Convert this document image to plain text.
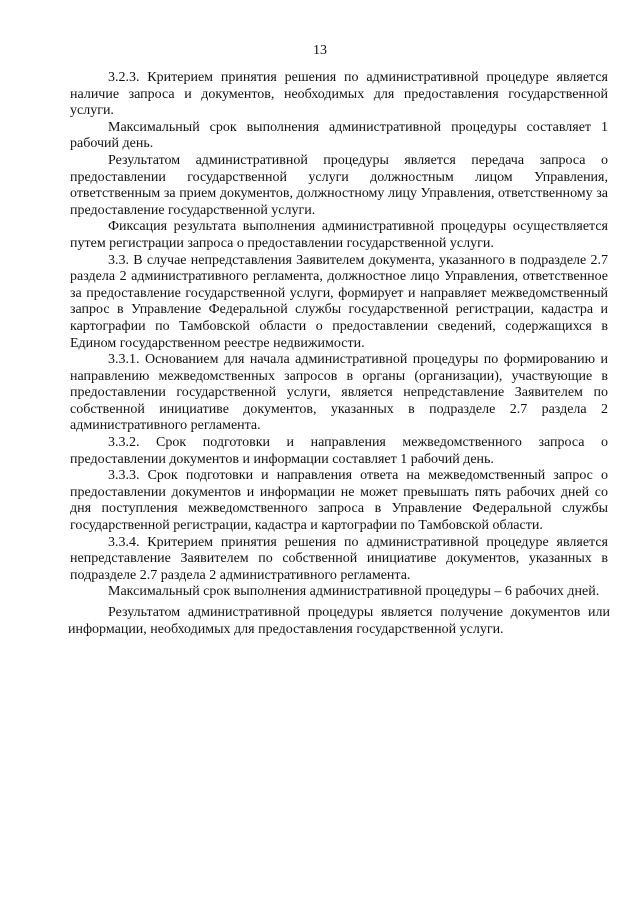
13

3.2.3. Критерием принятия решения по административной процедуре является наличие запроса и документов, необходимых для предоставления государственной услуги.

Максимальный срок выполнения административной процедуры составляет 1 рабочий день.

Результатом административной процедуры является передача запроса о предоставлении государственной услуги должностным лицом Управления, ответственным за прием документов, должностному лицу Управления, ответственному за предоставление государственной услуги.

Фиксация результата выполнения административной процедуры осуществляется путем регистрации запроса о предоставлении государственной услуги.

3.3. В случае непредставления Заявителем документа, указанного в подразделе 2.7 раздела 2 административного регламента, должностное лицо Управления, ответственное за предоставление государственной услуги, формирует и направляет межведомственный запрос в Управление Федеральной службы государственной регистрации, кадастра и картографии по Тамбовской области о предоставлении сведений, содержащихся в Едином государственном реестре недвижимости.

3.3.1. Основанием для начала административной процедуры по формированию и направлению межведомственных запросов в органы (организации), участвующие в предоставлении государственной услуги, является непредставление Заявителем по собственной инициативе документов, указанных в подразделе 2.7 раздела 2 административного регламента.

3.3.2. Срок подготовки и направления межведомственного запроса о предоставлении документов и информации составляет 1 рабочий день.

3.3.3. Срок подготовки и направления ответа на межведомственный запрос о предоставлении документов и информации не может превышать пять рабочих дней со дня поступления межведомственного запроса в Управление Федеральной службы государственной регистрации, кадастра и картографии по Тамбовской области.

3.3.4. Критерием принятия решения по административной процедуре является непредставление Заявителем по собственной инициативе документов, указанных в подразделе 2.7 раздела 2 административного регламента.

Максимальный срок выполнения административной процедуры – 6 рабочих дней.

Результатом административной процедуры является получение документов или информации, необходимых для предоставления государственной услуги.
